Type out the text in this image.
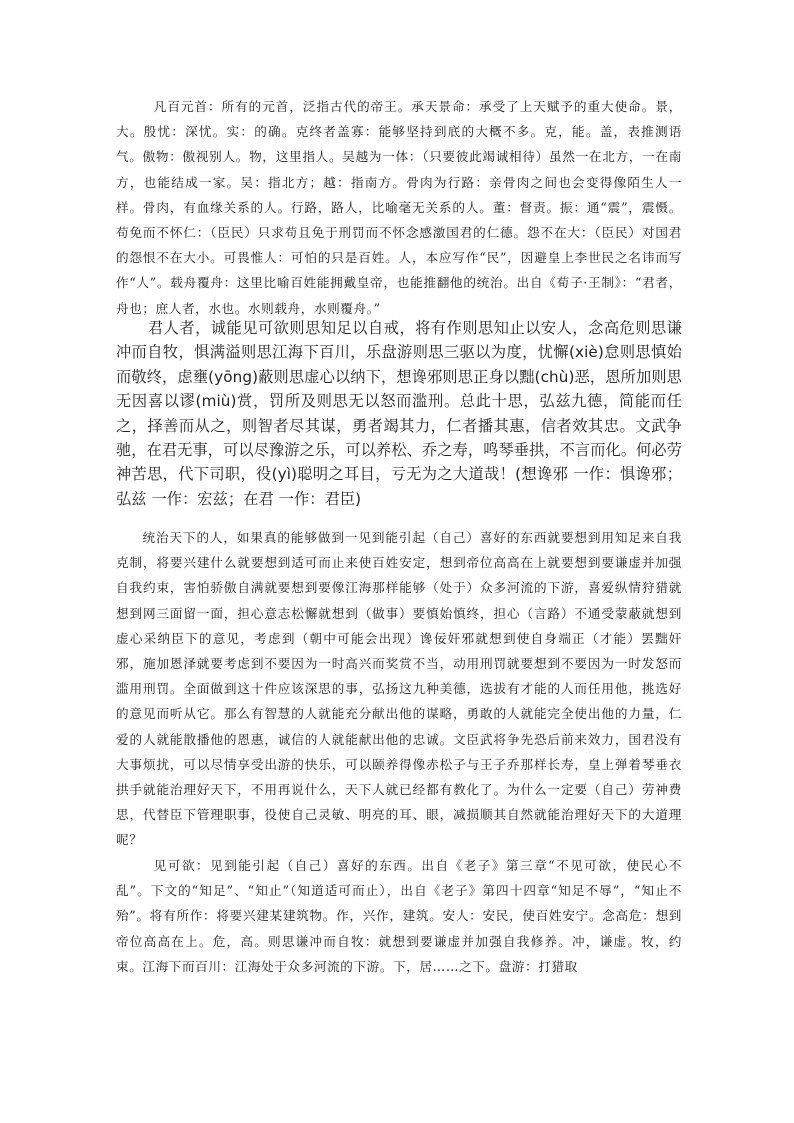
凡百元首：所有的元首，泛指古代的帝王。承天景命：承受了上天赋予的重大使命。景，大。殷忧：深忧。实：的确。克终者盖寡：能够坚持到底的大概不多。克，能。盖，表推测语气。傲物：傲视别人。物，这里指人。吴越为一体：（只要彼此竭诚相待）虽然一在北方，一在南方，也能结成一家。吴：指北方；越：指南方。骨肉为行路：亲骨肉之间也会变得像陌生人一样。骨肉，有血缘关系的人。行路，路人，比喻毫无关系的人。董：督责。振：通“震”，震慑。苟免而不怀仁：（臣民）只求苟且免于刑罚而不怀念感激国君的仁德。怨不在大：（臣民）对国君的怨恨不在大小。可畏惟人：可怕的只是百姓。人，本应写作“民”，因避皇上李世民之名讳而写作“人”。载舟覆舟：这里比喻百姓能拥戴皇帝，也能推翻他的统治。出自《荀子·王制》：“君者，舟也；庶人者，水也。水则载舟，水则覆舟。”

君人者，诚能见可欲则思知足以自戒，将有作则思知止以安人，念高危则思谦冲而自牧，惧满溢则思江海下百川，乐盘游则思三驱以为度，忧懈(xiè)怠则思慎始而敬终，虑壅(yōng)蔽则思虚心以纳下，想谗邪则思正身以黜(chù)恶，恩所加则思无因喜以谬(miù)赏，罚所及则思无以怒而滥刑。总此十思，弘兹九德，简能而任之，择善而从之，则智者尽其谋，勇者竭其力，仁者播其惠，信者效其忠。文武争驰，在君无事，可以尽豫游之乐，可以养松、乔之寿，鸣琴垂拱，不言而化。何必劳神苦思，代下司职，役(yì)聪明之耳目，亏无为之大道哉！(想谗邪 一作：惧谗邪；弘兹 一作：宏兹；在君 一作：君臣)

统治天下的人，如果真的能够做到一见到能引起（自己）喜好的东西就要想到用知足来自我克制，将要兴建什么就要想到适可而止来使百姓安定，想到帝位高高在上就要想到要谦虚并加强自我约束，害怕骄傲自满就要想到要像江海那样能够（处于）众多河流的下游，喜爱纵情狩猎就想到网三面留一面，担心意志松懈就想到（做事）要慎始慎终，担心（言路）不通受蒙蔽就想到虚心采纳臣下的意见，考虑到（朝中可能会出现）谗佞奸邪就想到使自身端正（才能）罢黜奸邪，施加恩泽就要考虑到不要因为一时高兴而奖赏不当，动用刑罚就要想到不要因为一时发怒而滥用刑罚。全面做到这十件应该深思的事，弘扬这九种美德，选拔有才能的人而任用他，挑选好的意见而听从它。那么有智慧的人就能充分献出他的谋略，勇敢的人就能完全使出他的力量，仁爱的人就能散播他的恩惠，诚信的人就能献出他的忠诚。文臣武将争先恐后前来效力，国君没有大事烦扰，可以尽情享受出游的快乐，可以颐养得像赤松子与王子乔那样长寿，皇上弹着琴垂衣拱手就能治理好天下，不用再说什么，天下人就已经都有教化了。为什么一定要（自己）劳神费思，代替臣下管理职事，役使自己灵敏、明亮的耳、眼，减损顺其自然就能治理好天下的大道理呢？

见可欲：见到能引起（自己）喜好的东西。出自《老子》第三章“不见可欲，使民心不乱”。下文的“知足”、“知止”（知道适可而止），出自《老子》第四十四章“知足不辱”，“知止不殆”。将有所作：将要兴建某建筑物。作，兴作，建筑。安人：安民，使百姓安宁。念高危：想到帝位高高在上。危，高。则思谦冲而自牧：就想到要谦虚并加强自我修养。冲，谦虚。牧，约束。江海下而百川：江海处于众多河流的下游。下，居……之下。盘游：打猎取
